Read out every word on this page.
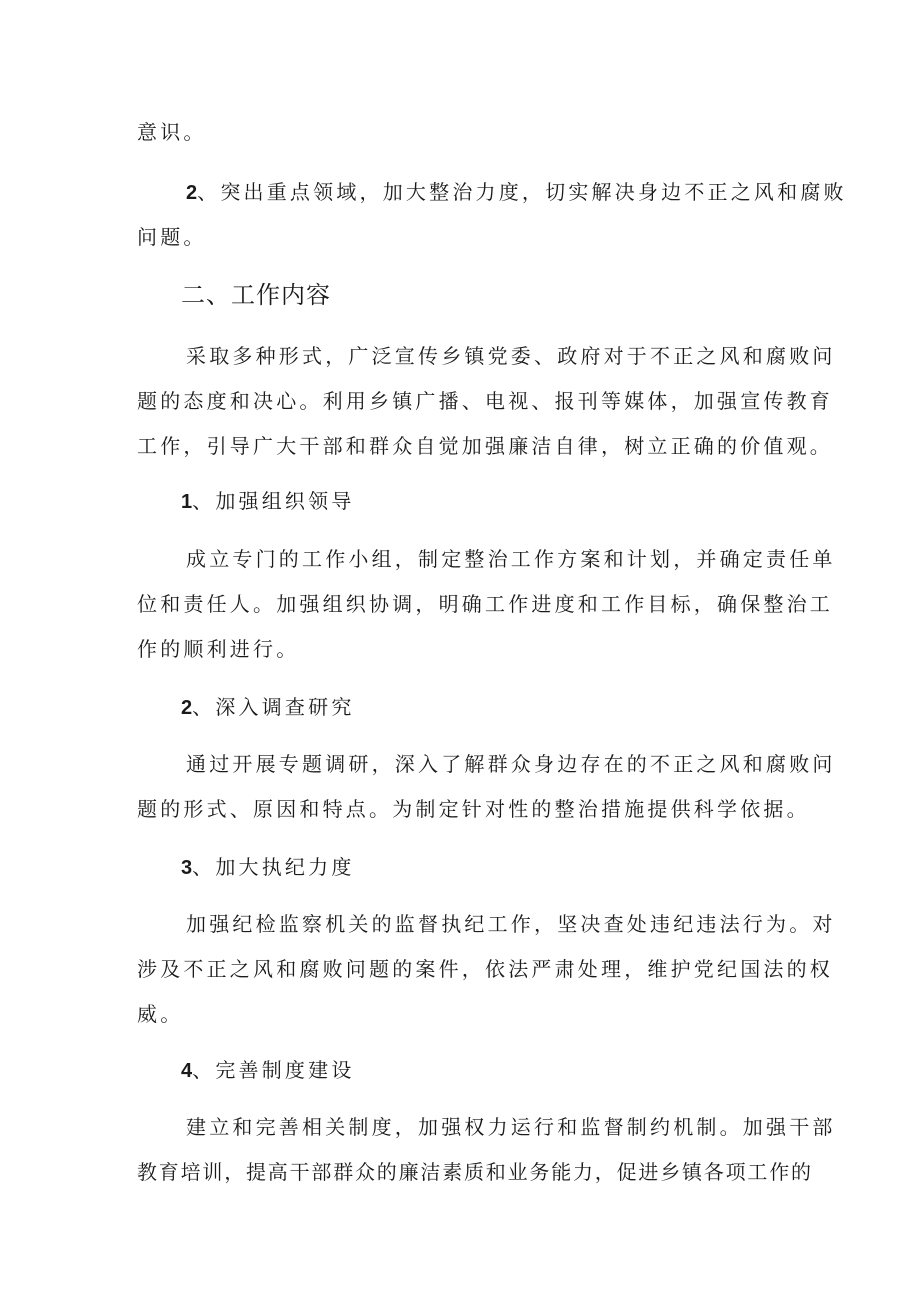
意识。
2、突出重点领域，加大整治力度，切实解决身边不正之风和腐败
问题。
二、工作内容
采取多种形式，广泛宣传乡镇党委、政府对于不正之风和腐败问
题的态度和决心。利用乡镇广播、电视、报刊等媒体，加强宣传教育
工作，引导广大干部和群众自觉加强廉洁自律，树立正确的价值观。
1、加强组织领导
成立专门的工作小组，制定整治工作方案和计划，并确定责任单
位和责任人。加强组织协调，明确工作进度和工作目标，确保整治工
作的顺利进行。
2、深入调查研究
通过开展专题调研，深入了解群众身边存在的不正之风和腐败问
题的形式、原因和特点。为制定针对性的整治措施提供科学依据。
3、加大执纪力度
加强纪检监察机关的监督执纪工作，坚决查处违纪违法行为。对
涉及不正之风和腐败问题的案件，依法严肃处理，维护党纪国法的权
威。
4、完善制度建设
建立和完善相关制度，加强权力运行和监督制约机制。加强干部
教育培训，提高干部群众的廉洁素质和业务能力，促进乡镇各项工作的
